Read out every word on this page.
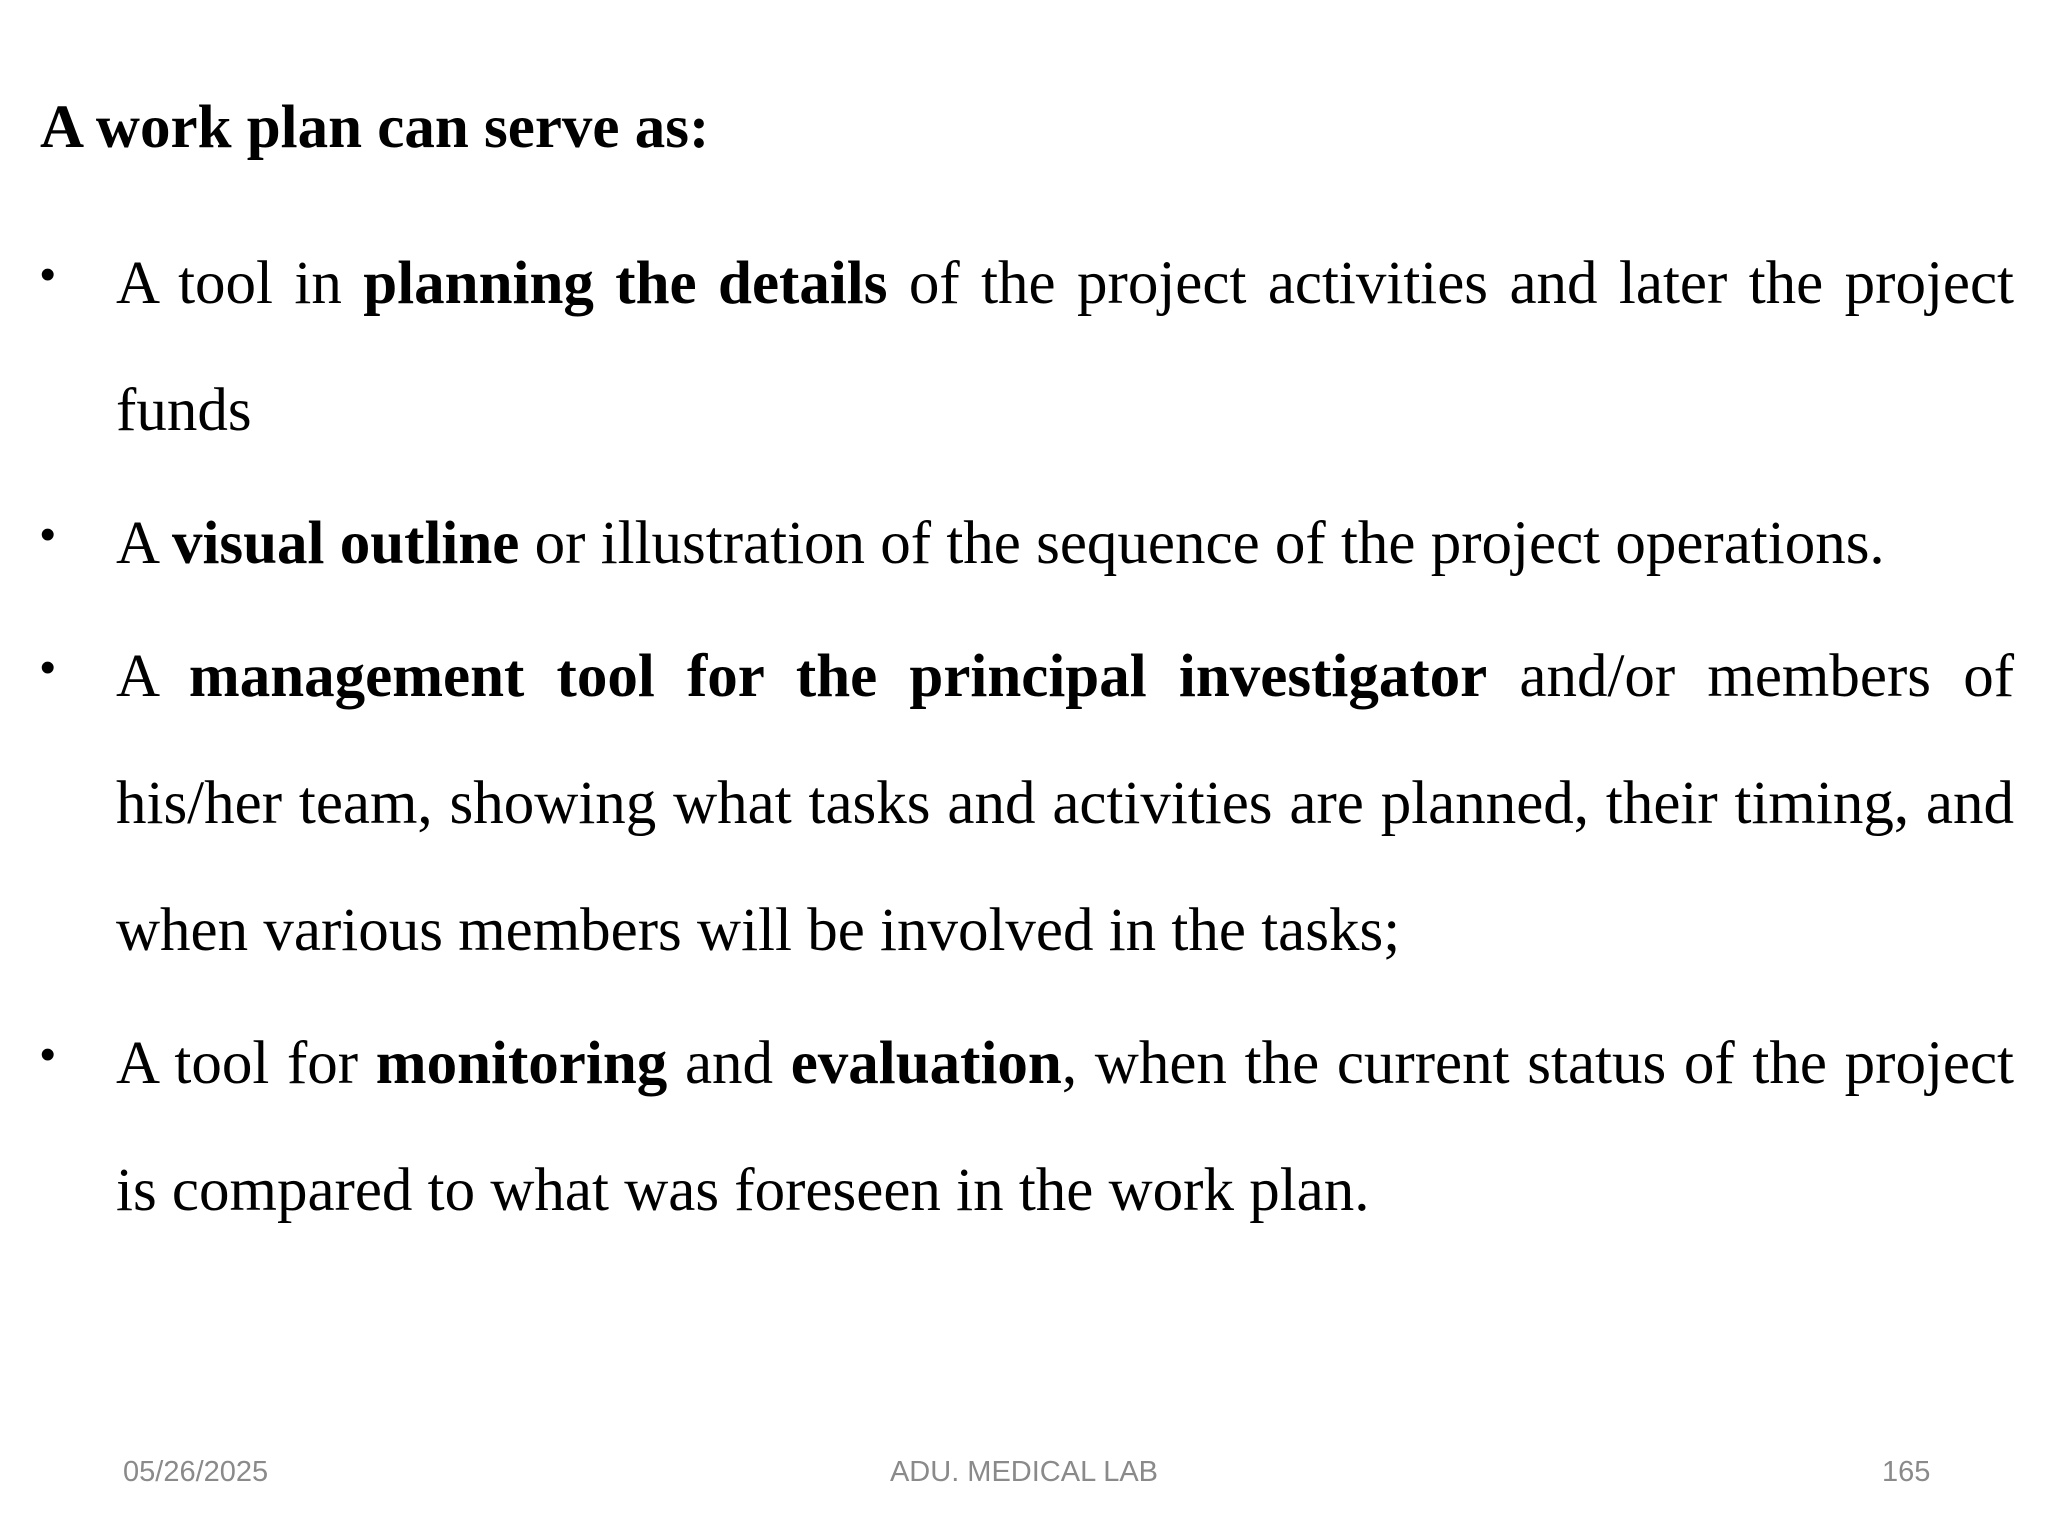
A work plan can serve as:
• A tool in planning the details of the project activities and later the project funds
• A visual outline or illustration of the sequence of the project operations.
• A management tool for the principal investigator and/or members of his/her team, showing what tasks and activities are planned, their timing, and when various members will be involved in the tasks;
• A tool for monitoring and evaluation, when the current status of the project is compared to what was foreseen in the work plan.
05/26/2025	ADU. MEDICAL LAB	165
